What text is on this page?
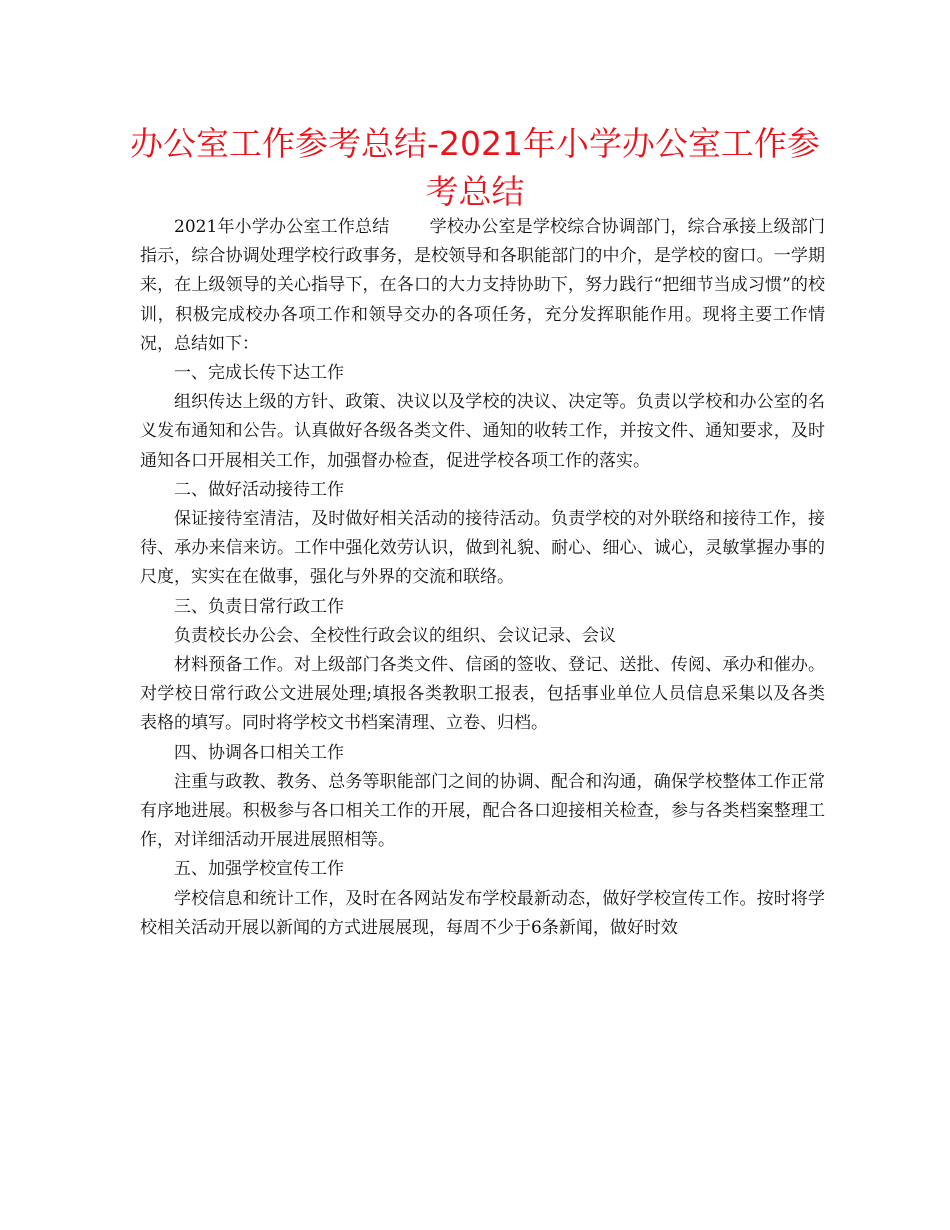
办公室工作参考总结-2021年小学办公室工作参考总结

2021年小学办公室工作总结 学校办公室是学校综合协调部门，综合承接上级部门指示，综合协调处理学校行政事务，是校领导和各职能部门的中介，是学校的窗口。一学期来，在上级领导的关心指导下，在各口的大力支持协助下，努力践行“把细节当成习惯”的校训，积极完成校办各项工作和领导交办的各项任务，充分发挥职能作用。现将主要工作情况，总结如下：

一、完成长传下达工作

组织传达上级的方针、政策、决议以及学校的决议、决定等。负责以学校和办公室的名义发布通知和公告。认真做好各级各类文件、通知的收转工作，并按文件、通知要求，及时通知各口开展相关工作，加强督办检查，促进学校各项工作的落实。

二、做好活动接待工作

保证接待室清洁，及时做好相关活动的接待活动。负责学校的对外联络和接待工作，接待、承办来信来访。工作中强化效劳认识，做到礼貌、耐心、细心、诚心，灵敏掌握办事的尺度，实实在在做事，强化与外界的交流和联络。

三、负责日常行政工作

负责校长办公会、全校性行政会议的组织、会议记录、会议

材料预备工作。对上级部门各类文件、信函的签收、登记、送批、传阅、承办和催办。对学校日常行政公文进展处理;填报各类教职工报表，包括事业单位人员信息采集以及各类表格的填写。同时将学校文书档案清理、立卷、归档。

四、协调各口相关工作

注重与政教、教务、总务等职能部门之间的协调、配合和沟通，确保学校整体工作正常有序地进展。积极参与各口相关工作的开展，配合各口迎接相关检查，参与各类档案整理工作，对详细活动开展进展照相等。

五、加强学校宣传工作

学校信息和统计工作，及时在各网站发布学校最新动态，做好学校宣传工作。按时将学校相关活动开展以新闻的方式进展展现，每周不少于6条新闻，做好时效
